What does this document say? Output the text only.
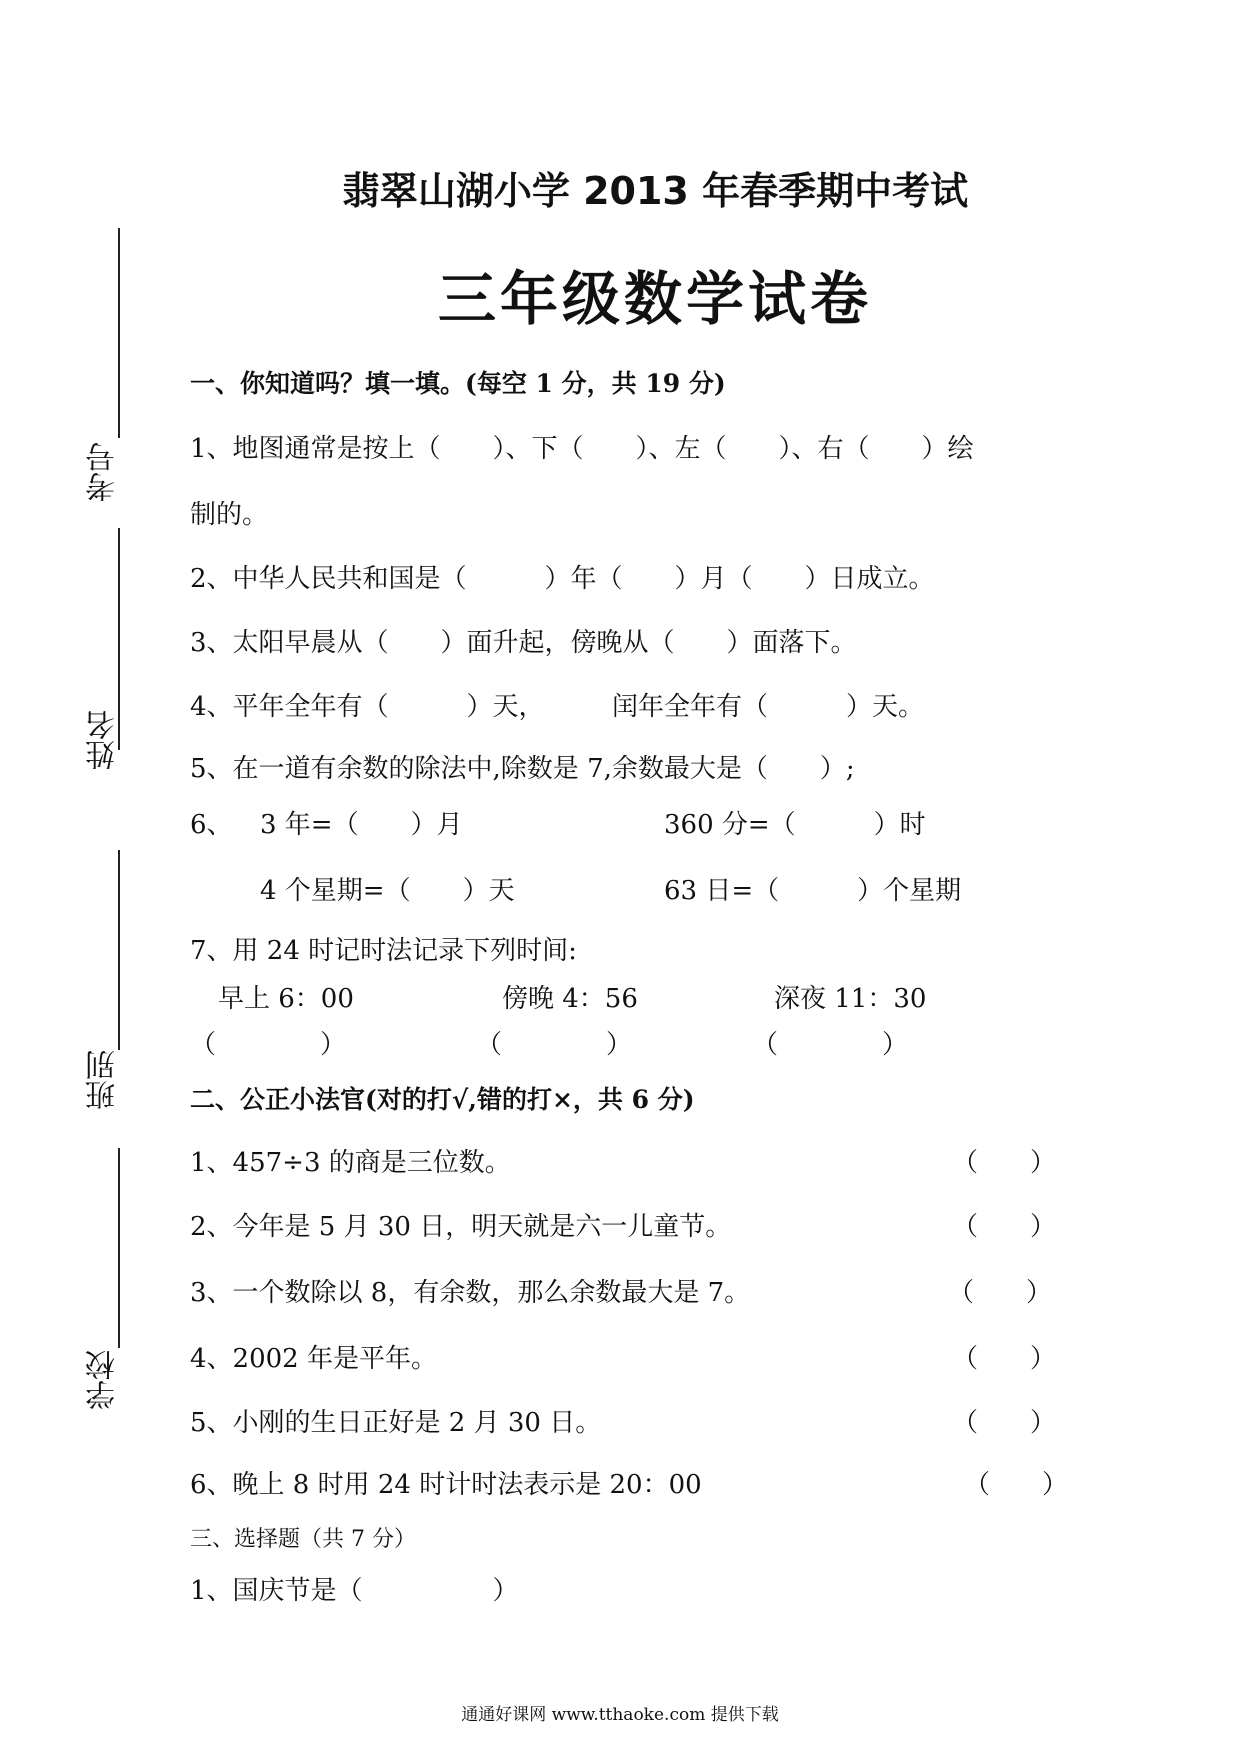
考号
姓名
班别
学校
翡翠山湖小学 2013 年春季期中考试
三年级数学试卷
一、你知道吗？填一填。(每空 1 分，共 19 分)
1、地图通常是按上（　　）、下（　　）、左（　　）、右（　　）绘
制的。
2、中华人民共和国是（　　　）年（　　）月（　　）日成立。
3、太阳早晨从（　　）面升起，傍晚从（　　）面落下。
4、平年全年有（　　　）天，	闰年全年有（　　　）天。
5、在一道有余数的除法中,除数是 7,余数最大是（　　）;
6、 3 年=（　　）月	360 分=（　　　）时
4 个星期=（　　）天	63 日=（　　　）个星期
7、用 24 时记时法记录下列时间:
早上 6：00	傍晚 4：56	深夜 11：30
（　　　　）	（　　　　）	（　　　　）
二、公正小法官(对的打√,错的打×，共 6 分)
1、457÷3 的商是三位数。	（　　）
2、今年是 5 月 30 日，明天就是六一儿童节。	（　　）
3、一个数除以 8，有余数，那么余数最大是 7。	（　　）
4、2002 年是平年。	（　　）
5、小刚的生日正好是 2 月 30 日。	（　　）
6、晚上 8 时用 24 时计时法表示是 20：00	（　　）
三、选择题（共 7 分）
1、国庆节是（　　　　　）
通通好课网 www.tthaoke.com 提供下载
